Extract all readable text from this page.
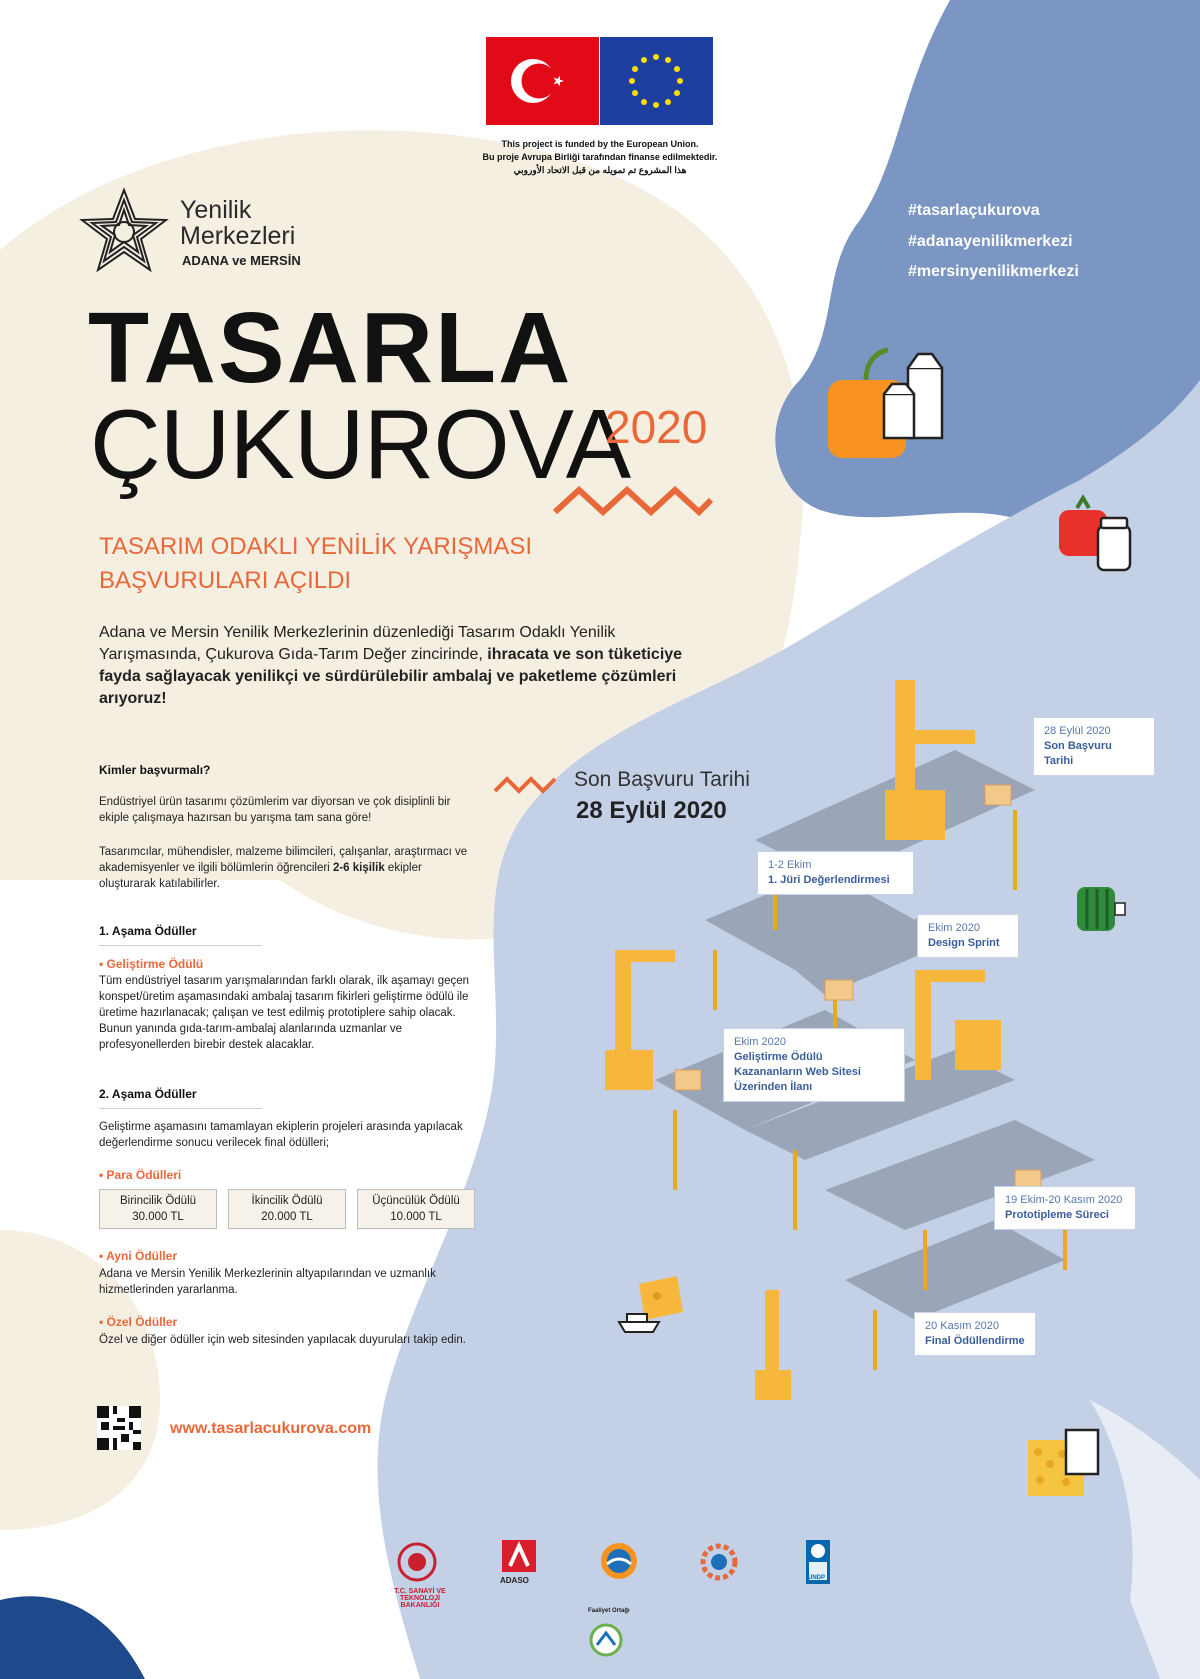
This project is funded by the European Union.
Bu proje Avrupa Birliği tarafından finanse edilmektedir.
هذا المشروع تم تمويله من قبل الاتحاد الأوروبي
Yenilik
Merkezleri
ADANA ve MERSİN
#tasarlaçukurova
#adanayenilikmerkezi
#mersinyenilikmerkezi
TASARLA
ÇUKUROVA
2020
TASARIM ODAKLI YENİLİK YARIŞMASI
BAŞVURULARI AÇILDI
Adana ve Mersin Yenilik Merkezlerinin düzenlediği Tasarım Odaklı Yenilik Yarışmasında, Çukurova Gıda-Tarım Değer zincirinde, ihracata ve son tüketiciye fayda sağlayacak yenilikçi ve sürdürülebilir ambalaj ve paketleme çözümleri arıyoruz!
Kimler başvurmalı?
Endüstriyel ürün tasarımı çözümlerim var diyorsan ve çok disiplinli bir ekiple çalışmaya hazırsan bu yarışma tam sana göre!
Tasarımcılar, mühendisler, malzeme bilimcileri, çalışanlar, araştırmacı ve akademisyenler ve ilgili bölümlerin öğrencileri 2-6 kişilik ekipler oluşturarak katılabilirler.
1. Aşama Ödüller
• Geliştirme Ödülü
Tüm endüstriyel tasarım yarışmalarından farklı olarak, ilk aşamayı geçen konspet/üretim aşamasındaki ambalaj tasarım fikirleri geliştirme ödülü ile üretime hazırlanacak; çalışan ve test edilmiş prototiplere sahip olacak. Bunun yanında gıda-tarım-ambalaj alanlarında uzmanlar ve profesyonellerden birebir destek alacaklar.
2. Aşama Ödüller
Geliştirme aşamasını tamamlayan ekiplerin projeleri arasında yapılacak değerlendirme sonucu verilecek final ödülleri;
• Para Ödülleri
Birincilik Ödülü
30.000 TL
İkincilik Ödülü
20.000 TL
Üçüncülük Ödülü
10.000 TL
• Ayni Ödüller
Adana ve Mersin Yenilik Merkezlerinin altyapılarından ve uzmanlık hizmetlerinden yararlanma.
• Özel Ödüller
Özel ve diğer ödüller için web sitesinden yapılacak duyuruları takip edin.
www.tasarlacukurova.com
Son Başvuru Tarihi
28 Eylül 2020
28 Eylül 2020
Son Başvuru Tarihi
1-2 Ekim
1. Jüri Değerlendirmesi
Ekim 2020
Design Sprint
Ekim 2020
Geliştirme Ödülü Kazananların Web Sitesi Üzerinden İlanı
19 Ekim-20 Kasım 2020
Prototipleme Süreci
20 Kasım 2020
Final Ödüllendirme
T.C. SANAYİ VE TEKNOLOJİ BAKANLIĞI
ADASO	UNDP
Faaliyet Ortağı
